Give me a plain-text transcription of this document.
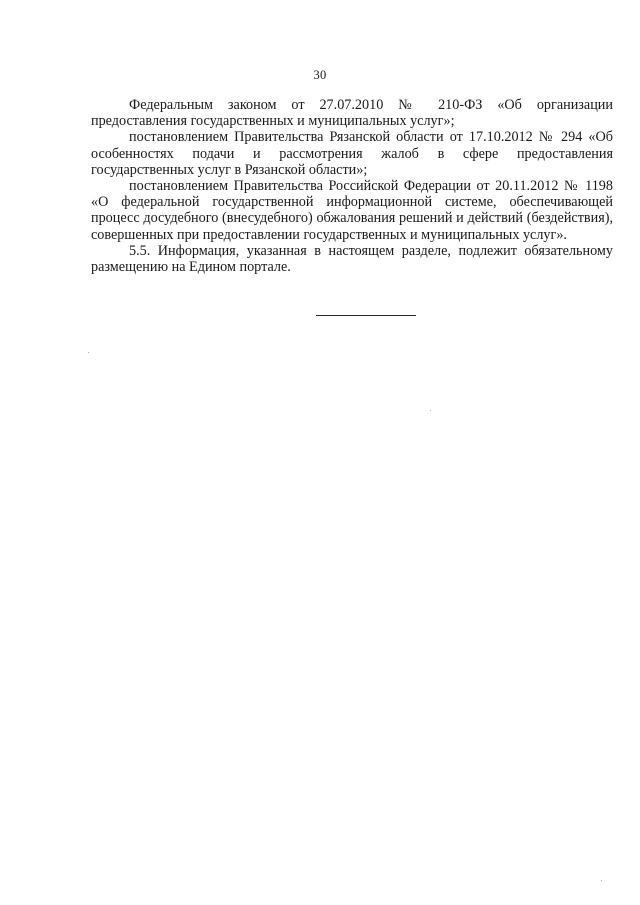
30

Федеральным законом от 27.07.2010 № 210-ФЗ «Об организации предоставления государственных и муниципальных услуг»;

постановлением Правительства Рязанской области от 17.10.2012 № 294 «Об особенностях подачи и рассмотрения жалоб в сфере предоставления государственных услуг в Рязанской области»;

постановлением Правительства Российской Федерации от 20.11.2012 № 1198 «О федеральной государственной информационной системе, обеспечивающей процесс досудебного (внесудебного) обжалования решений и действий (бездействия), совершенных при предоставлении государственных и муниципальных услуг».

5.5. Информация, указанная в настоящем разделе, подлежит обязательному размещению на Едином портале.
